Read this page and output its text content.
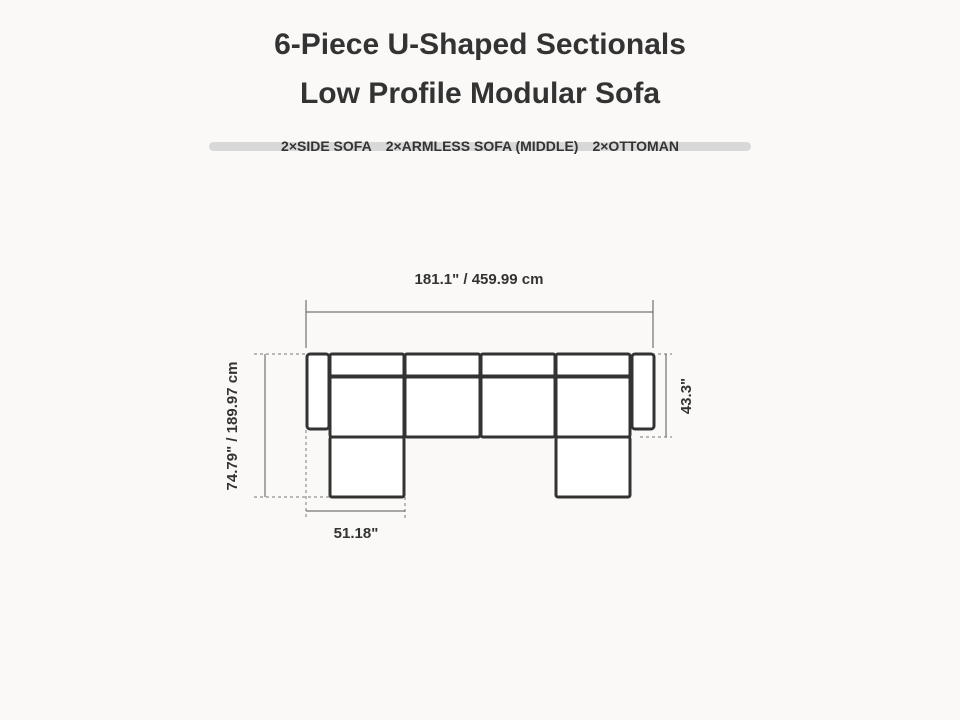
6-Piece U-Shaped Sectionals
Low Profile Modular Sofa
2×SIDE SOFA 2×ARMLESS SOFA (MIDDLE) 2×OTTOMAN
181.1" / 459.99 cm
74.79" / 189.97 cm	43.3"
51.18"
